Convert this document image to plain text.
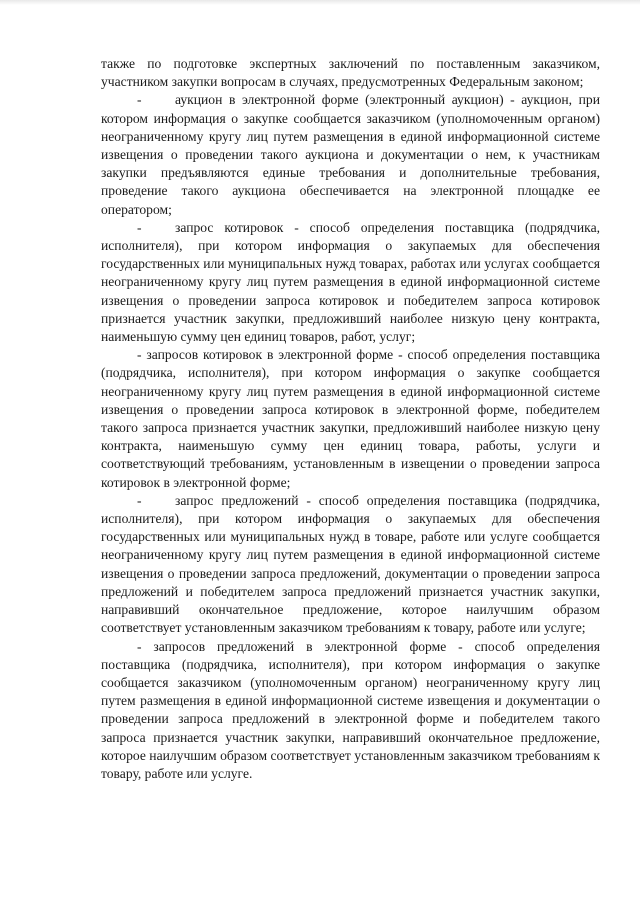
также по подготовке экспертных заключений по поставленным заказчиком, участником закупки вопросам в случаях, предусмотренных Федеральным законом;

- аукцион в электронной форме (электронный аукцион) - аукцион, при котором информация о закупке сообщается заказчиком (уполномоченным органом) неограниченному кругу лиц путем размещения в единой информационной системе извещения о проведении такого аукциона и документации о нем, к участникам закупки предъявляются единые требования и дополнительные требования, проведение такого аукциона обеспечивается на электронной площадке ее оператором;

- запрос котировок - способ определения поставщика (подрядчика, исполнителя), при котором информация о закупаемых для обеспечения государственных или муниципальных нужд товарах, работах или услугах сообщается неограниченному кругу лиц путем размещения в единой информационной системе извещения о проведении запроса котировок и победителем запроса котировок признается участник закупки, предложивший наиболее низкую цену контракта, наименьшую сумму цен единиц товаров, работ, услуг;

- запросов котировок в электронной форме - способ определения поставщика (подрядчика, исполнителя), при котором информация о закупке сообщается неограниченному кругу лиц путем размещения в единой информационной системе извещения о проведении запроса котировок в электронной форме, победителем такого запроса признается участник закупки, предложивший наиболее низкую цену контракта, наименьшую сумму цен единиц товара, работы, услуги и соответствующий требованиям, установленным в извещении о проведении запроса котировок в электронной форме;

- запрос предложений - способ определения поставщика (подрядчика, исполнителя), при котором информация о закупаемых для обеспечения государственных или муниципальных нужд в товаре, работе или услуге сообщается неограниченному кругу лиц путем размещения в единой информационной системе извещения о проведении запроса предложений, документации о проведении запроса предложений и победителем запроса предложений признается участник закупки, направивший окончательное предложение, которое наилучшим образом соответствует установленным заказчиком требованиям к товару, работе или услуге;

- запросов предложений в электронной форме - способ определения поставщика (подрядчика, исполнителя), при котором информация о закупке сообщается заказчиком (уполномоченным органом) неограниченному кругу лиц путем размещения в единой информационной системе извещения и документации о проведении запроса предложений в электронной форме и победителем такого запроса признается участник закупки, направивший окончательное предложение, которое наилучшим образом соответствует установленным заказчиком требованиям к товару, работе или услуге.
